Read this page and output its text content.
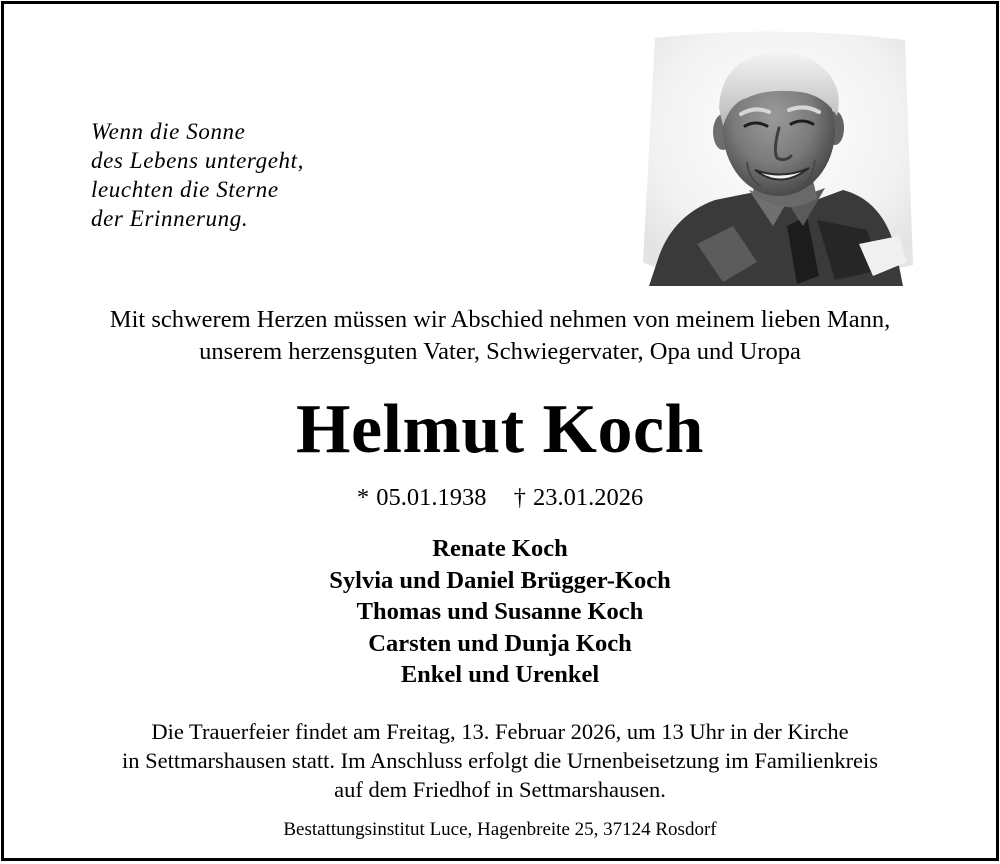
Wenn die Sonne
des Lebens untergeht,
leuchten die Sterne
der Erinnerung.
Mit schwerem Herzen müssen wir Abschied nehmen von meinem lieben Mann,
unserem herzensguten Vater, Schwiegervater, Opa und Uropa
Helmut Koch
* 05.01.1938 † 23.01.2026
Renate Koch
Sylvia und Daniel Brügger-Koch
Thomas und Susanne Koch
Carsten und Dunja Koch
Enkel und Urenkel
Die Trauerfeier findet am Freitag, 13. Februar 2026, um 13 Uhr in der Kirche
in Settmarshausen statt. Im Anschluss erfolgt die Urnenbeisetzung im Familienkreis
auf dem Friedhof in Settmarshausen.
Bestattungsinstitut Luce, Hagenbreite 25, 37124 Rosdorf
